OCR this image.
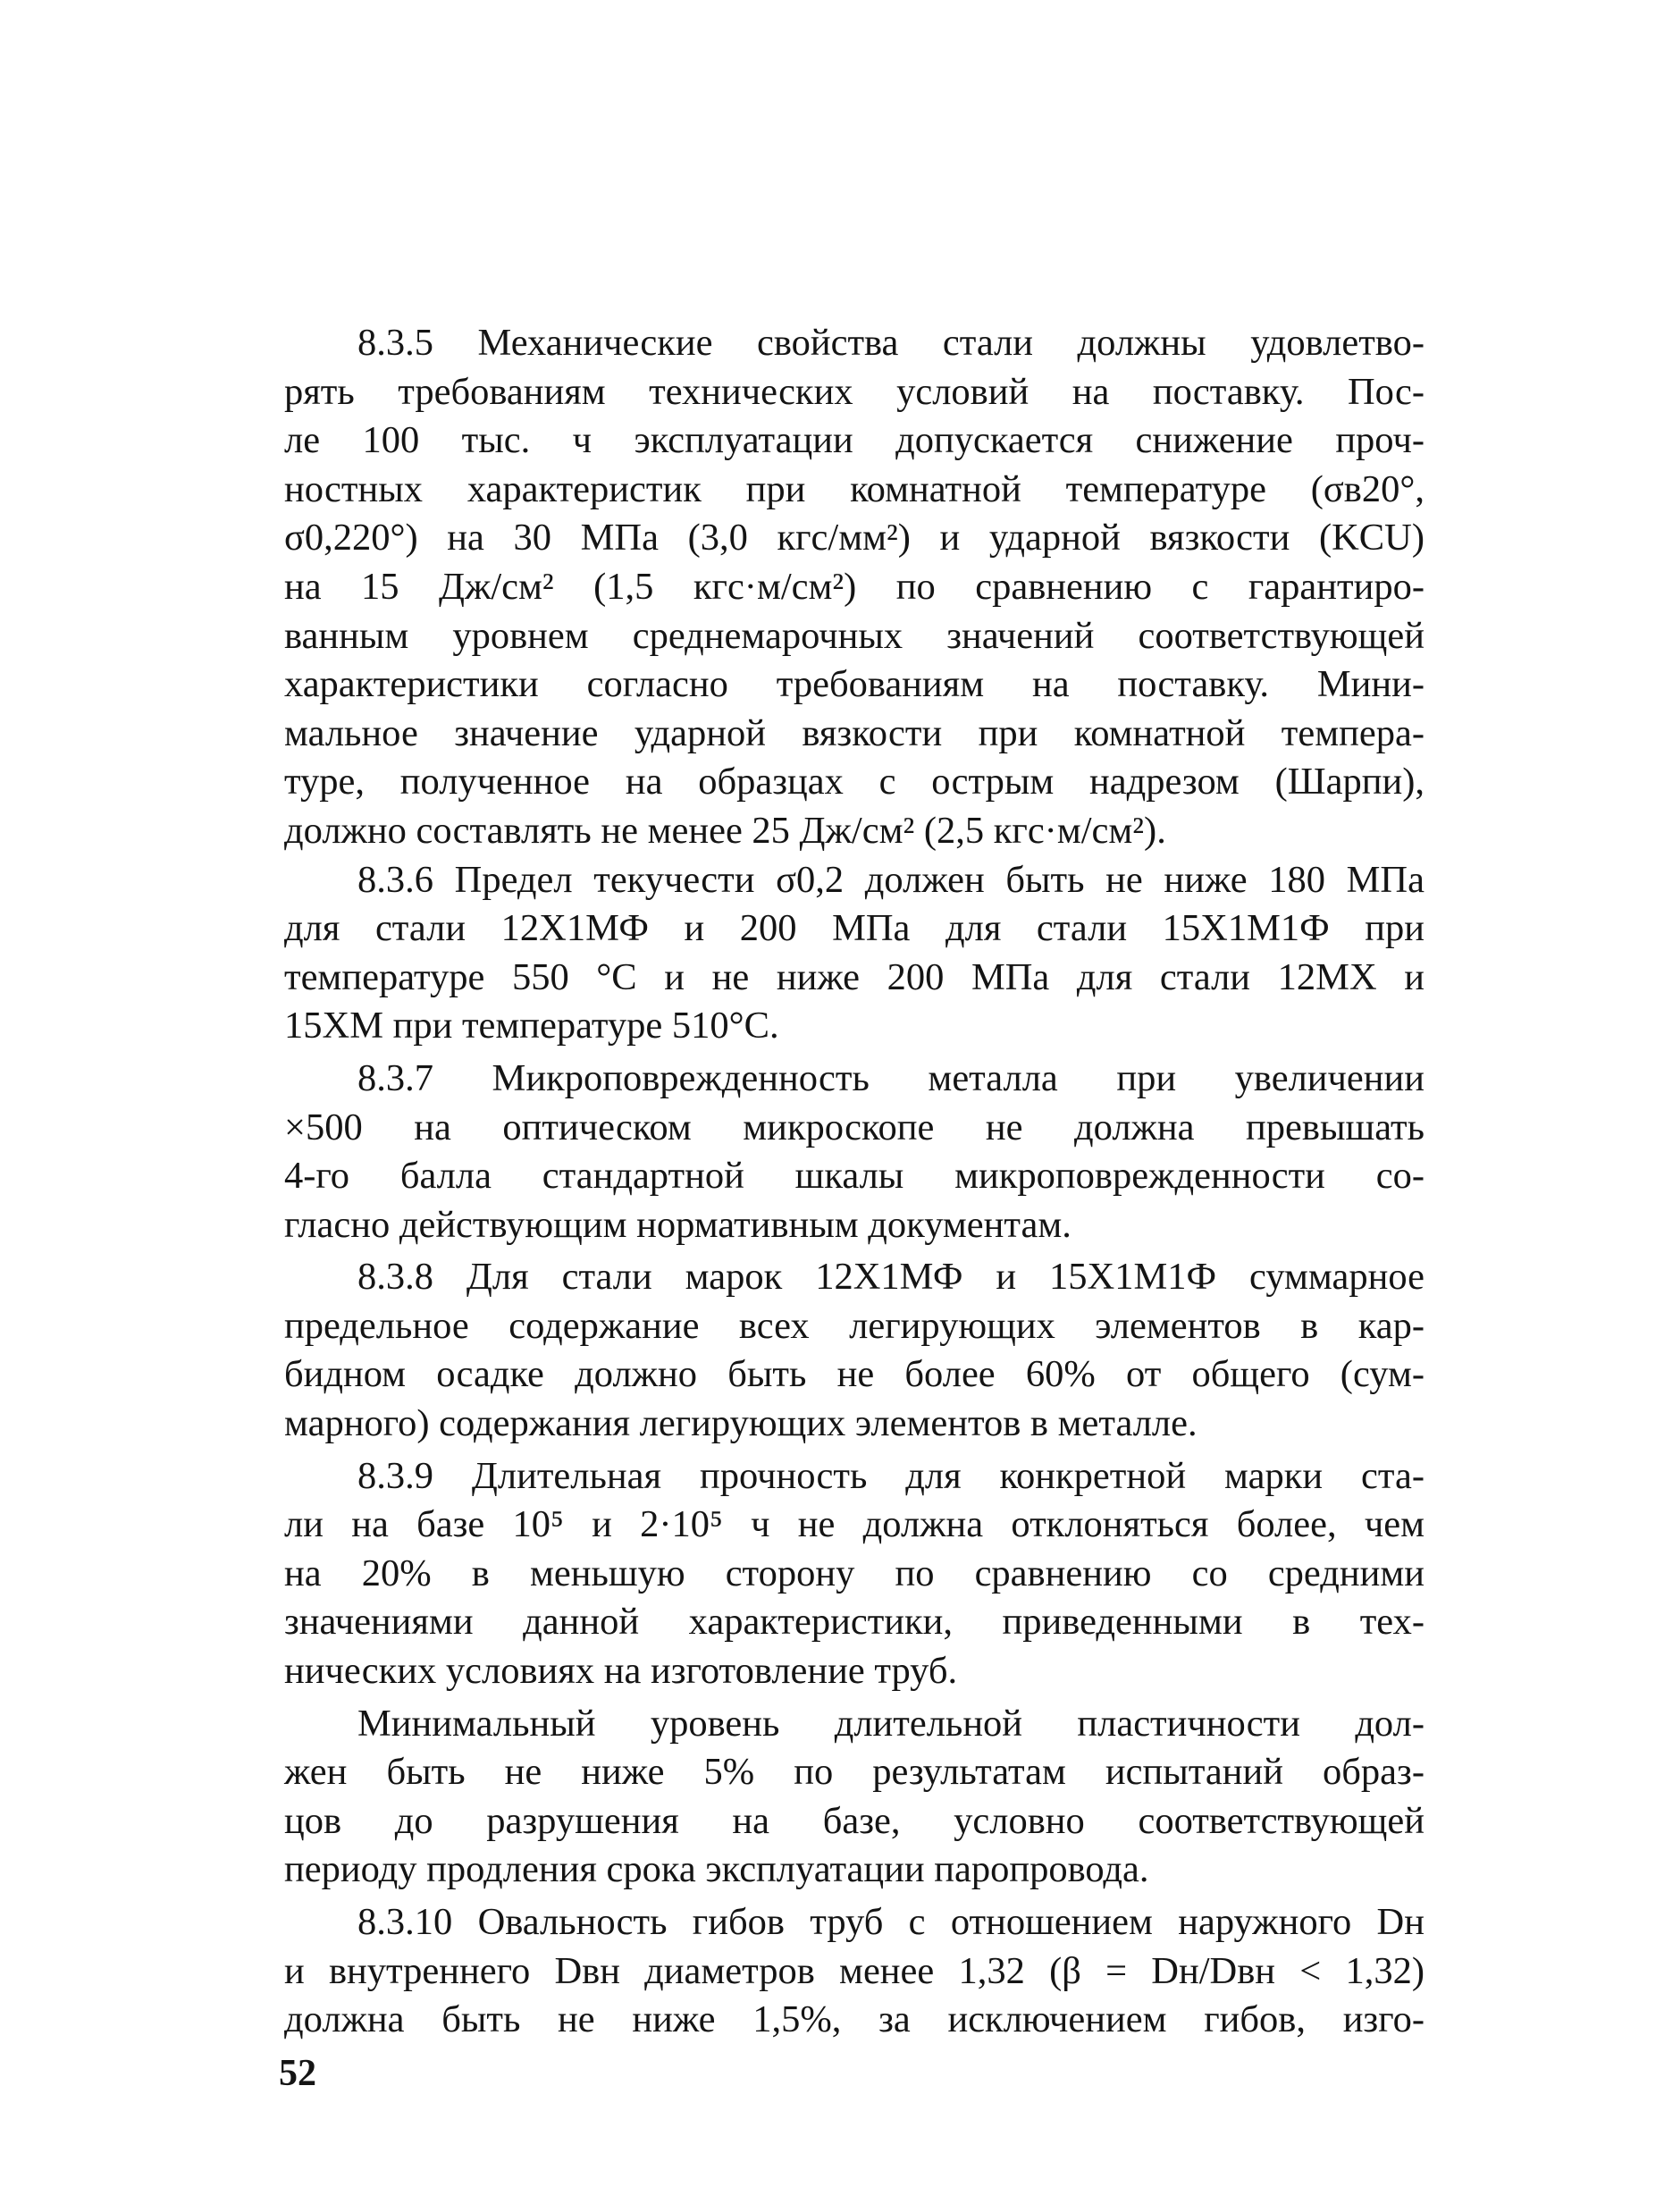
8.3.5 Механические свойства стали должны удовлетво-
рять требованиям технических условий на поставку. Пос-
ле 100 тыс. ч эксплуатации допускается снижение проч-
ностных характеристик при комнатной температуре (σв20°,
σ0,220°) на 30 МПа (3,0 кгс/мм²) и ударной вязкости (KCU)
на 15 Дж/см² (1,5 кгс·м/см²) по сравнению с гарантиро-
ванным уровнем среднемарочных значений соответствующей
характеристики согласно требованиям на поставку. Мини-
мальное значение ударной вязкости при комнатной темпера-
туре, полученное на образцах с острым надрезом (Шарпи),
должно составлять не менее 25 Дж/см² (2,5 кгс·м/см²).

8.3.6 Предел текучести σ0,2 должен быть не ниже 180 МПа
для стали 12Х1МФ и 200 МПа для стали 15Х1М1Ф при
температуре 550 °С и не ниже 200 МПа для стали 12МХ и
15ХМ при температуре 510°С.

8.3.7 Микроповрежденность металла при увеличении
×500 на оптическом микроскопе не должна превышать
4-го балла стандартной шкалы микроповрежденности со-
гласно действующим нормативным документам.

8.3.8 Для стали марок 12Х1МФ и 15Х1М1Ф суммарное
предельное содержание всех легирующих элементов в кар-
бидном осадке должно быть не более 60% от общего (сум-
марного) содержания легирующих элементов в металле.

8.3.9 Длительная прочность для конкретной марки ста-
ли на базе 10⁵ и 2·10⁵ ч не должна отклоняться более, чем
на 20% в меньшую сторону по сравнению со средними
значениями данной характеристики, приведенными в тех-
нических условиях на изготовление труб.

Минимальный уровень длительной пластичности дол-
жен быть не ниже 5% по результатам испытаний образ-
цов до разрушения на базе, условно соответствующей
периоду продления срока эксплуатации паропровода.

8.3.10 Овальность гибов труб с отношением наружного Dн
и внутреннего Dвн диаметров менее 1,32 (β = Dн/Dвн < 1,32)
должна быть не ниже 1,5%, за исключением гибов, изго-

52
